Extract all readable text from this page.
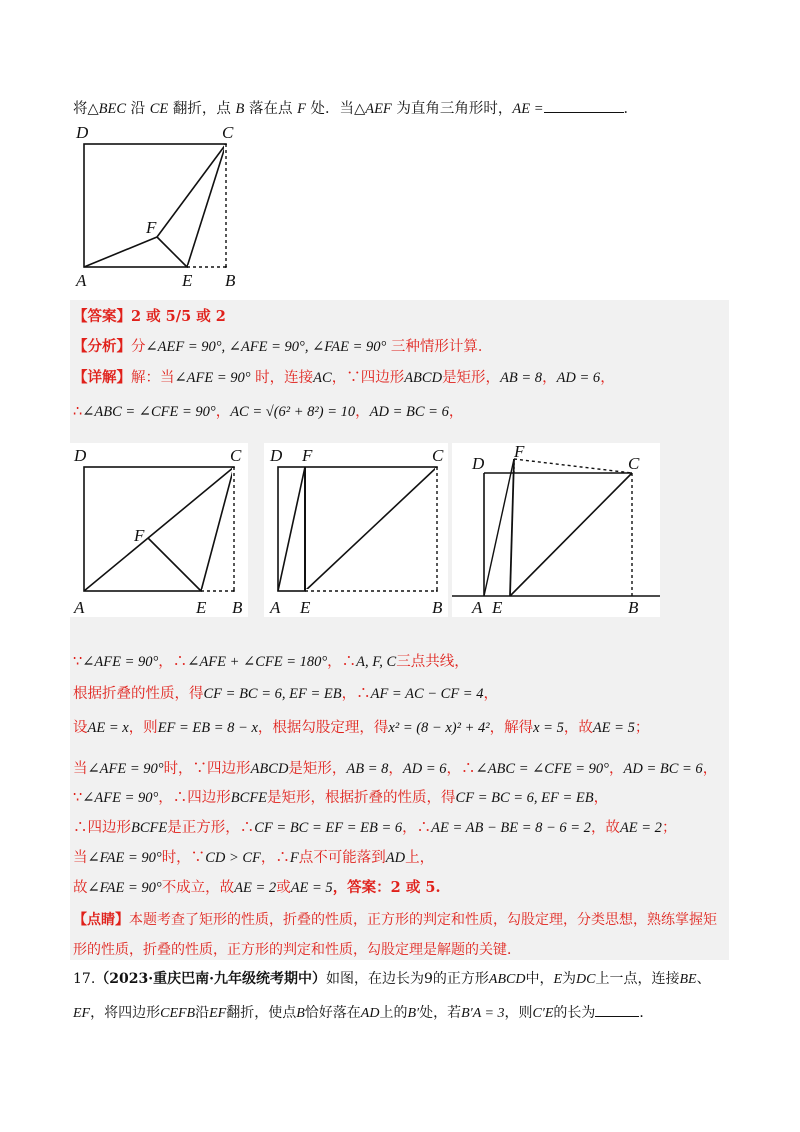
将△BEC 沿 CE 翻折，点 B 落在点 F 处．当△AEF 为直角三角形时，AE =	．
D	C
F
A	E B
【答案】2 或 5/5 或 2
【分析】分∠AEF = 90°, ∠AFE = 90°, ∠FAE = 90° 三种情形计算．
【详解】解：当∠AFE = 90° 时，连接AC，∵四边形ABCD是矩形，AB = 8，AD = 6，
∴∠ABC = ∠CFE = 90°，AC = √(6² + 8²) = 10，AD = BC = 6，
D	C
F
A	E B
D F	C
A E	B
F
D	C
A E	B
∵∠AFE = 90°，∴∠AFE + ∠CFE = 180°，∴A, F, C三点共线，
根据折叠的性质，得CF = BC = 6, EF = EB，∴AF = AC − CF = 4，
设AE = x，则EF = EB = 8 − x，根据勾股定理，得x² = (8 − x)² + 4²，解得x = 5，故AE = 5；
当∠AFE = 90°时，∵四边形ABCD是矩形，AB = 8，AD = 6，∴∠ABC = ∠CFE = 90°，AD = BC = 6，
∵∠AFE = 90°，∴四边形BCFE是矩形，根据折叠的性质，得CF = BC = 6, EF = EB，
∴四边形BCFE是正方形，∴CF = BC = EF = EB = 6，∴AE = AB − BE = 8 − 6 = 2，故AE = 2；
当∠FAE = 90°时，∵CD > CF，∴F点不可能落到AD上，
故∠FAE = 90°不成立，故AE = 2或AE = 5，答案：2 或 5.
【点睛】本题考查了矩形的性质，折叠的性质，正方形的判定和性质，勾股定理，分类思想，熟练掌握矩
形的性质，折叠的性质，正方形的判定和性质，勾股定理是解题的关键．
17.（2023·重庆巴南·九年级统考期中）如图，在边长为9的正方形ABCD中，E为DC上一点，连接BE、
EF，将四边形CEFB沿EF翻折，使点B恰好落在AD上的B′处，若B′A = 3，则C′E的长为	．
